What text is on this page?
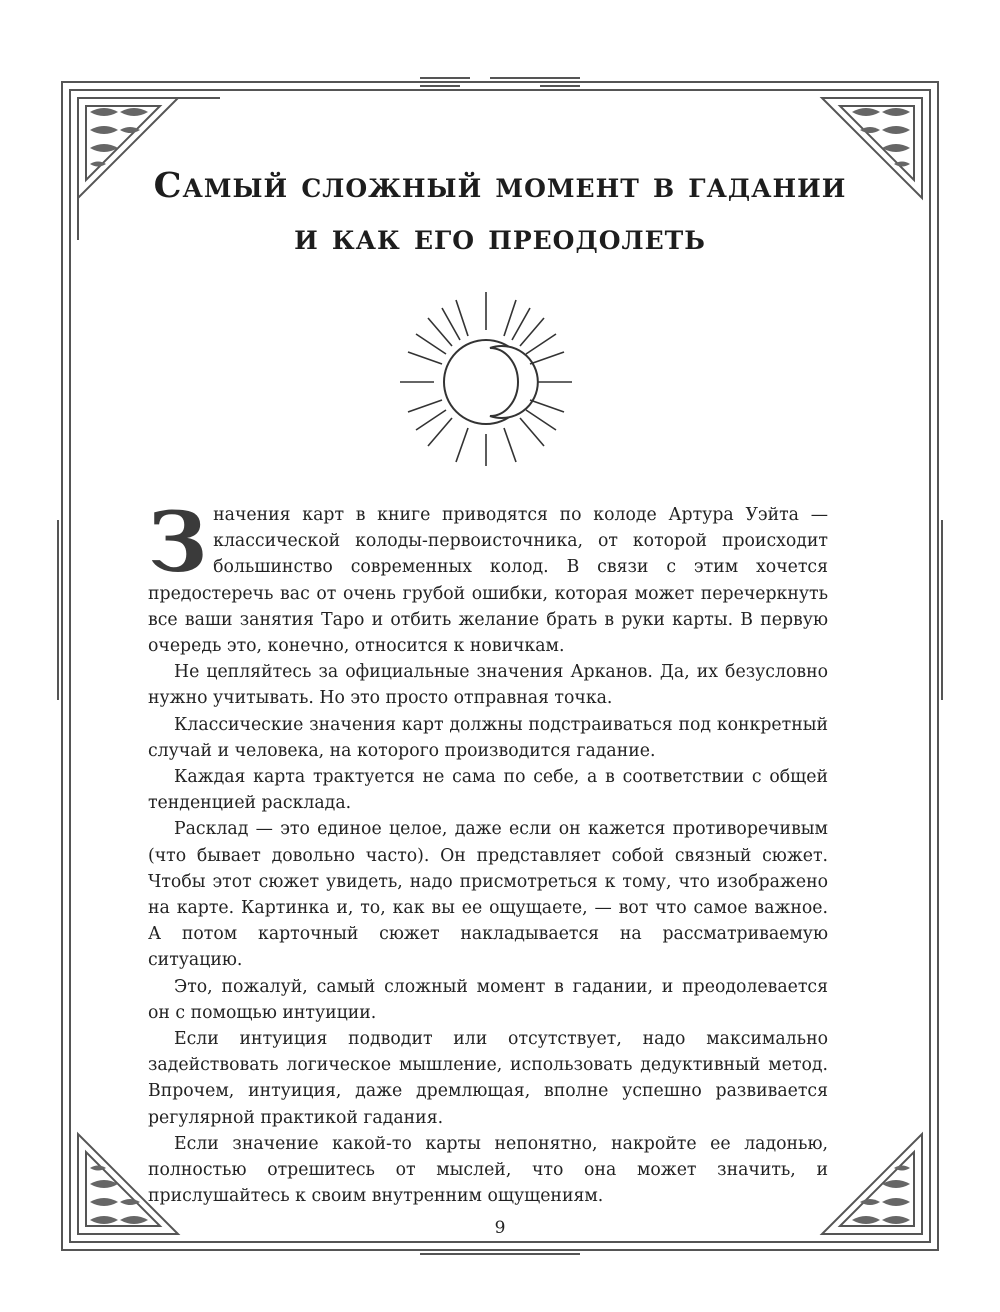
Самый сложный момент в гадании
и как его преодолеть

Значения карт в книге приводятся по колоде Артура Уэйта — классической колоды-первоисточника, от которой происходит большинство современных колод. В связи с этим хочется предостеречь вас от очень грубой ошибки, которая может перечеркнуть все ваши занятия Таро и отбить желание брать в руки карты. В первую очередь это, конечно, относится к новичкам.

Не цепляйтесь за официальные значения Арканов. Да, их безусловно нужно учитывать. Но это просто отправная точка.

Классические значения карт должны подстраиваться под конкретный случай и человека, на которого производится гадание.

Каждая карта трактуется не сама по себе, а в соответствии с общей тенденцией расклада.

Расклад — это единое целое, даже если он кажется противоречивым (что бывает довольно часто). Он представляет собой связный сюжет. Чтобы этот сюжет увидеть, надо присмотреться к тому, что изображено на карте. Картинка и, то, как вы ее ощущаете, — вот что самое важное. А потом карточный сюжет накладывается на рассматриваемую ситуацию.

Это, пожалуй, самый сложный момент в гадании, и преодолевается он с помощью интуиции.

Если интуиция подводит или отсутствует, надо максимально задействовать логическое мышление, использовать дедуктивный метод. Впрочем, интуиция, даже дремлющая, вполне успешно развивается регулярной практикой гадания.

Если значение какой-то карты непонятно, накройте ее ладонью, полностью отрешитесь от мыслей, что она может значить, и прислушайтесь к своим внутренним ощущениям.

9
